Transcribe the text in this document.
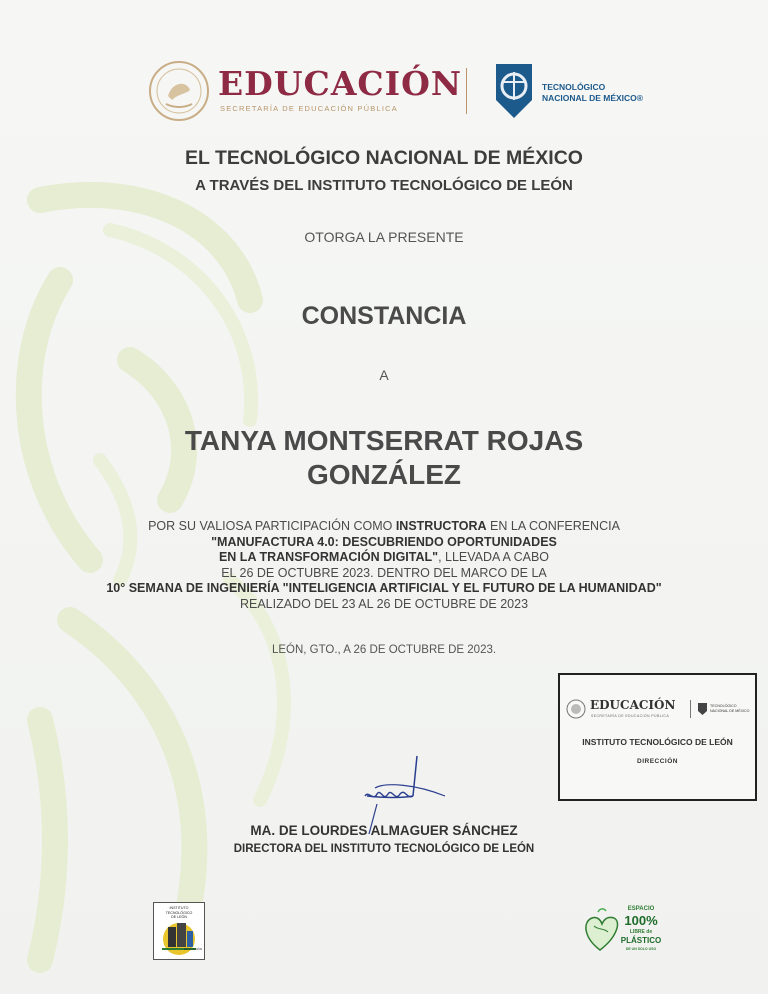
EDUCACIÓN
SECRETARÍA DE EDUCACIÓN PÚBLICA
TECNOLÓGICO
NACIONAL DE MÉXICO®
EL TECNOLÓGICO NACIONAL DE MÉXICO
A TRAVÉS DEL INSTITUTO TECNOLÓGICO DE LEÓN
OTORGA LA PRESENTE
CONSTANCIA
A
TANYA MONTSERRAT ROJAS
GONZÁLEZ
POR SU VALIOSA PARTICIPACIÓN COMO INSTRUCTORA EN LA CONFERENCIA
"MANUFACTURA 4.0: DESCUBRIENDO OPORTUNIDADES
EN LA TRANSFORMACIÓN DIGITAL", LLEVADA A CABO
EL 26 DE OCTUBRE 2023. DENTRO DEL MARCO DE LA
10° SEMANA DE INGENIERÍA "INTELIGENCIA ARTIFICIAL Y EL FUTURO DE LA HUMANIDAD"
REALIZADO DEL 23 AL 26 DE OCTUBRE DE 2023
LEÓN, GTO., A 26 DE OCTUBRE DE 2023.
EDUCACIÓN
SECRETARÍA DE EDUCACIÓN PÚBLICA
TECNOLÓGICO
NACIONAL DE MÉXICO
INSTITUTO TECNOLÓGICO DE LEÓN
DIRECCIÓN
MA. DE LOURDES ALMAGUER SÁNCHEZ
DIRECTORA DEL INSTITUTO TECNOLÓGICO DE LEÓN
INSTITUTO
TECNOLÓGICO
DE LEÓN
EDUCACIÓN
ESPACIO
100%
LIBRE de
PLÁSTICO
DE UN SOLO USO
